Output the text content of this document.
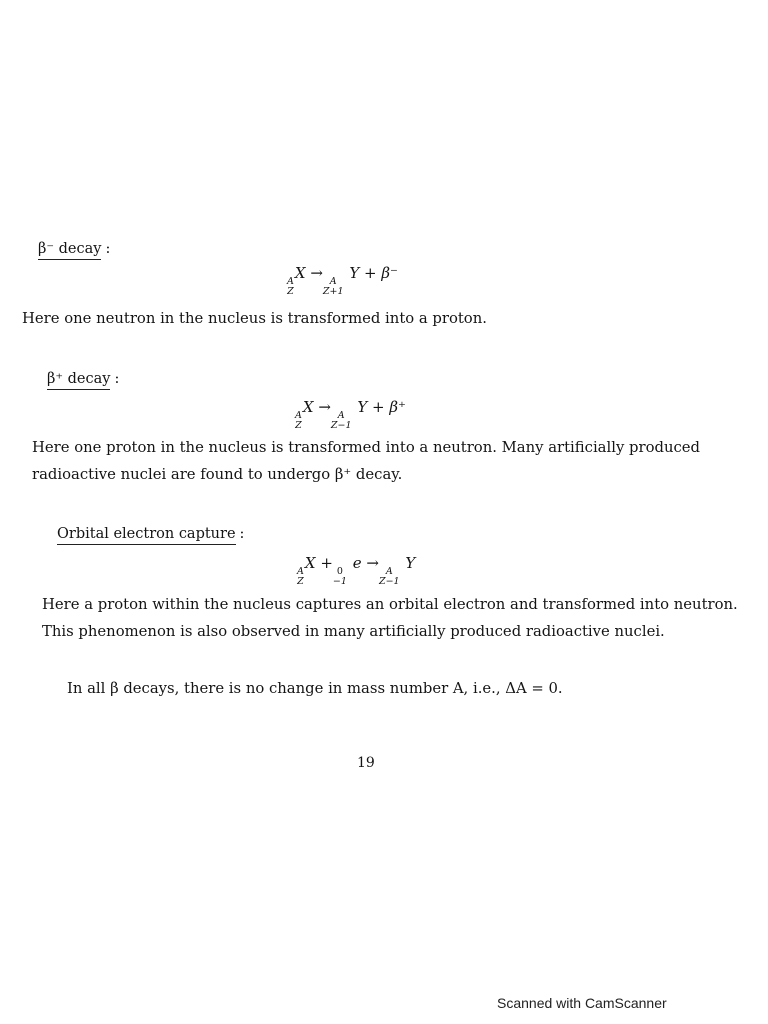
β⁻ decay :
A
Z
X → A
Z+1
Y + β⁻
Here one neutron in the nucleus is transformed into a proton.
β⁺ decay :
A
Z
X → A
Z−1
Y + β⁺
Here one proton in the nucleus is transformed into a neutron. Many artificially produced
radioactive nuclei are found to undergo β⁺ decay.
Orbital electron capture :
A
Z
X + 0
−1
e → A
Z−1
Y
Here a proton within the nucleus captures an orbital electron and transformed into neutron.
This phenomenon is also observed in many artificially produced radioactive nuclei.
In all β decays, there is no change in mass number A, i.e., ΔA = 0.
19
Scanned with CamScanner
